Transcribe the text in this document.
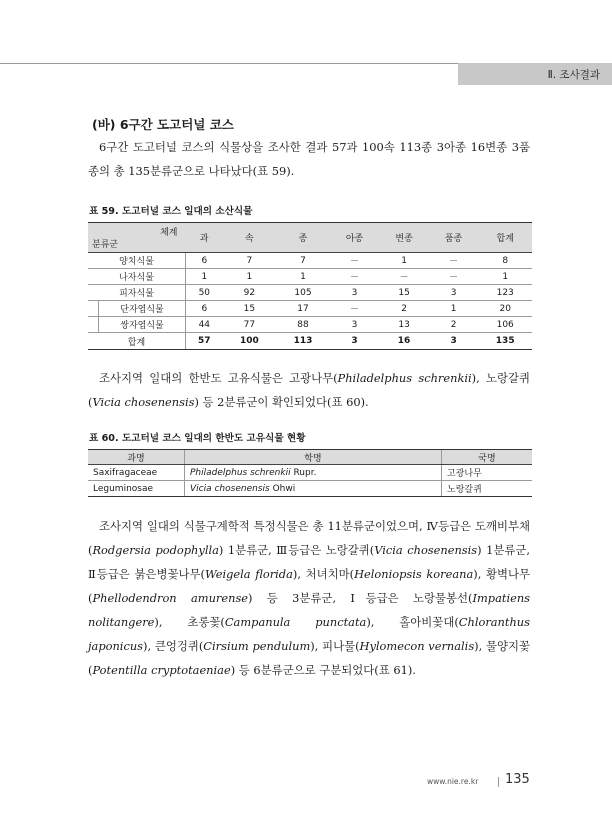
Ⅱ. 조사결과
(바) 6구간 도고터널 코스
6구간 도고터널 코스의 식물상을 조사한 결과 57과 100속 113종 3아종 16변종 3품종의 총 135분류군으로 나타났다(표 59).
표 59. 도고터널 코스 일대의 소산식물
체계
분류군		과	속	종	아종	변종	품종	합계
양치식물		6	7	7	－	1	－	8
나자식물		1	1	1	－	－	－	1
피자식물		50	92	105	3	15	3	123
	단자엽식물	6	15	17	－	2	1	20
	쌍자엽식물	44	77	88	3	13	2	106
합계		57	100	113	3	16	3	135
조사지역 일대의 한반도 고유식물은 고광나무(Philadelphus schrenkii), 노랑갈퀴(Vicia chosenensis) 등 2분류군이 확인되었다(표 60).
표 60. 도고터널 코스 일대의 한반도 고유식물 현황
과명	학명	국명
Saxifragaceae	Philadelphus schrenkii Rupr.	고광나무
Leguminosae	Vicia chosenensis Ohwi	노랑갈퀴
조사지역 일대의 식물구계학적 특정식물은 총 11분류군이었으며, Ⅳ등급은 도깨비부채(Rodgersia podophylla) 1분류군, Ⅲ등급은 노랑갈퀴(Vicia chosenensis) 1분류군, Ⅱ등급은 붉은병꽃나무(Weigela florida), 처녀치마(Heloniopsis koreana), 황벽나무(Phellodendron amurense) 등 3분류군, Ⅰ등급은 노랑물봉선(Impatiens nolitangere), 초롱꽃(Campanula punctata), 홀아비꽃대(Chloranthus japonicus), 큰엉겅퀴(Cirsium pendulum), 피나물(Hylomecon vernalis), 물양지꽃(Potentilla cryptotaeniae) 등 6분류군으로 구분되었다(표 61).
www.nie.re.kr 135
